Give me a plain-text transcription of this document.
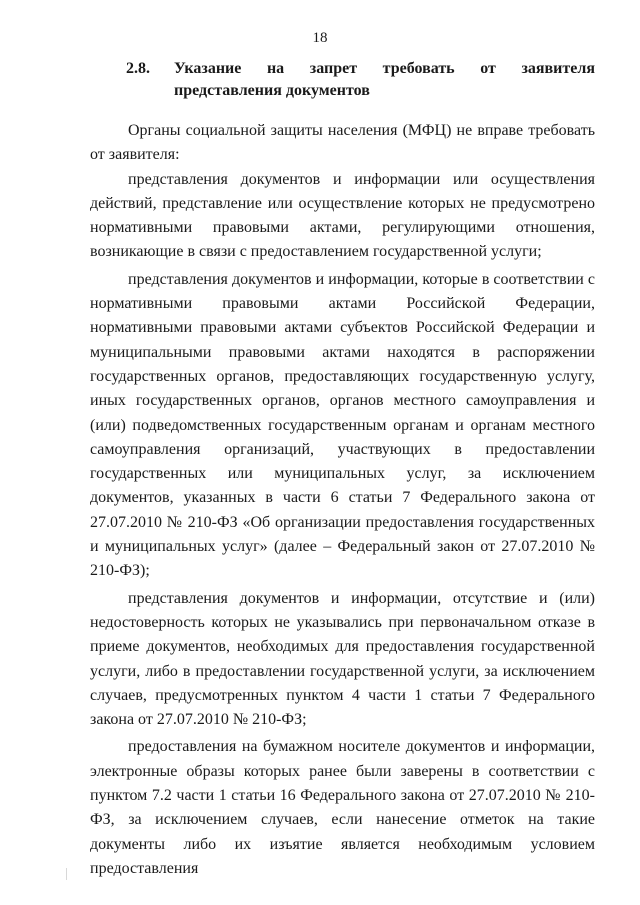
18
2.8.	Указание на запрет требовать от заявителя представления документов

Органы социальной защиты населения (МФЦ) не вправе требовать от заявителя:

представления документов и информации или осуществления действий, представление или осуществление которых не предусмотрено нормативными правовыми актами, регулирующими отношения, возникающие в связи с предоставлением государственной услуги;

представления документов и информации, которые в соответствии с нормативными правовыми актами Российской Федерации, нормативными правовыми актами субъектов Российской Федерации и муниципальными правовыми актами находятся в распоряжении государственных органов, предоставляющих государственную услугу, иных государственных органов, органов местного самоуправления и (или) подведомственных государственным органам и органам местного самоуправления организаций, участвующих в предоставлении государственных или муниципальных услуг, за исключением документов, указанных в части 6 статьи 7 Федерального закона от 27.07.2010 № 210-ФЗ «Об организации предоставления государственных и муниципальных услуг» (далее – Федеральный закон от 27.07.2010 № 210-ФЗ);

представления документов и информации, отсутствие и (или) недостоверность которых не указывались при первоначальном отказе в приеме документов, необходимых для предоставления государственной услуги, либо в предоставлении государственной услуги, за исключением случаев, предусмотренных пунктом 4 части 1 статьи 7 Федерального закона от 27.07.2010 № 210-ФЗ;

предоставления на бумажном носителе документов и информации, электронные образы которых ранее были заверены в соответствии с пунктом 7.2 части 1 статьи 16 Федерального закона от 27.07.2010 № 210-ФЗ, за исключением случаев, если нанесение отметок на такие документы либо их изъятие является необходимым условием предоставления
